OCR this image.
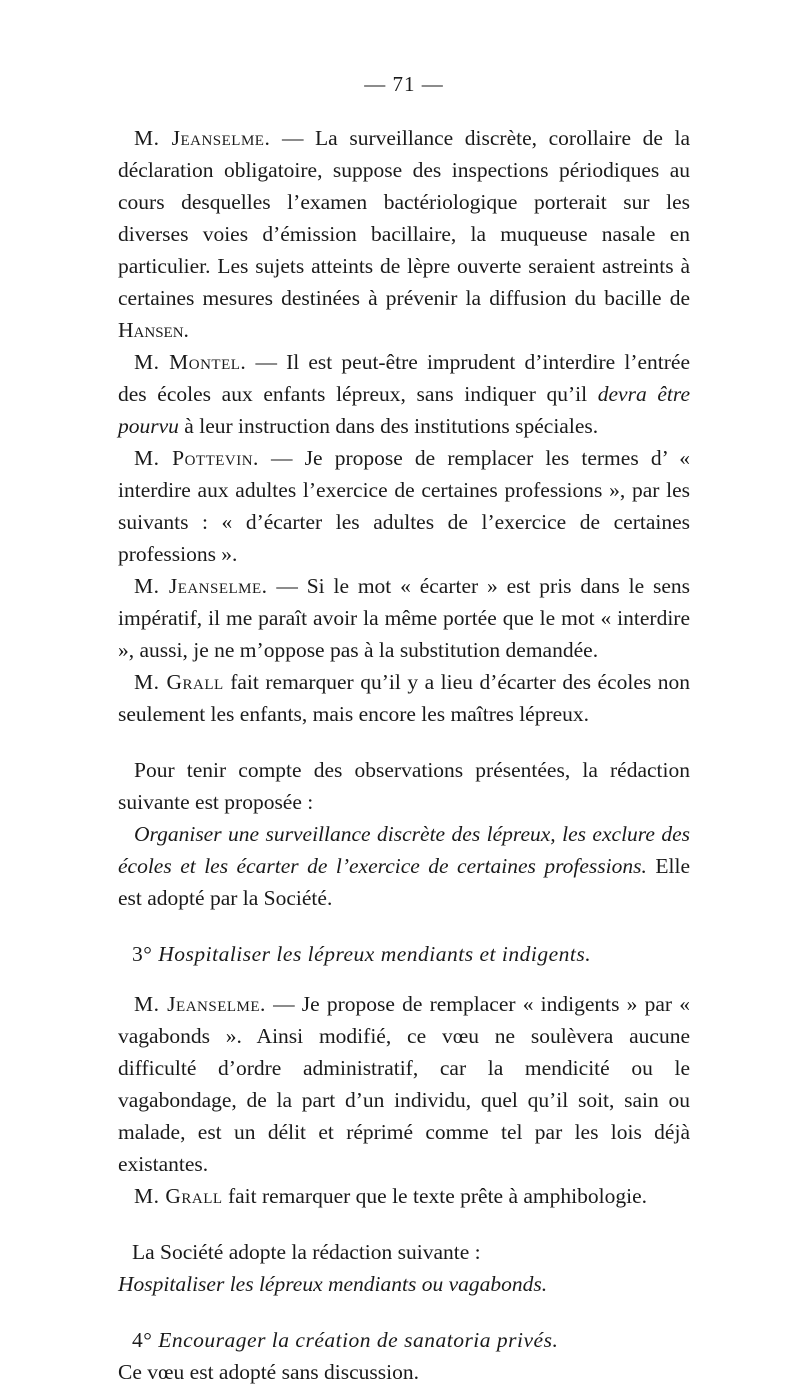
— 71 —

M. Jeanselme. — La surveillance discrète, corollaire de la déclaration obligatoire, suppose des inspections périodiques au cours desquelles l’examen bactériologique porterait sur les diverses voies d’émission bacillaire, la muqueuse nasale en particulier. Les sujets atteints de lèpre ouverte seraient astreints à certaines mesures destinées à prévenir la diffusion du bacille de Hansen.

M. Montel. — Il est peut-être imprudent d’interdire l’entrée des écoles aux enfants lépreux, sans indiquer qu’il devra être pourvu à leur instruction dans des institutions spéciales.

M. Pottevin. — Je propose de remplacer les termes d’ « interdire aux adultes l’exercice de certaines professions », par les suivants : « d’écarter les adultes de l’exercice de certaines professions ».

M. Jeanselme. — Si le mot « écarter » est pris dans le sens impératif, il me paraît avoir la même portée que le mot « interdire », aussi, je ne m’oppose pas à la substitution demandée.

M. Grall fait remarquer qu’il y a lieu d’écarter des écoles non seulement les enfants, mais encore les maîtres lépreux.

Pour tenir compte des observations présentées, la rédaction suivante est proposée :

Organiser une surveillance discrète des lépreux, les exclure des écoles et les écarter de l’exercice de certaines professions. Elle est adopté par la Société.

3° Hospitaliser les lépreux mendiants et indigents.

M. Jeanselme. — Je propose de remplacer « indigents » par « vagabonds ». Ainsi modifié, ce vœu ne soulèvera aucune difficulté d’ordre administratif, car la mendicité ou le vagabondage, de la part d’un individu, quel qu’il soit, sain ou malade, est un délit et réprimé comme tel par les lois déjà existantes.

M. Grall fait remarquer que le texte prête à amphibologie.

La Société adopte la rédaction suivante :

Hospitaliser les lépreux mendiants ou vagabonds.

4° Encourager la création de sanatoria privés.

Ce vœu est adopté sans discussion.
